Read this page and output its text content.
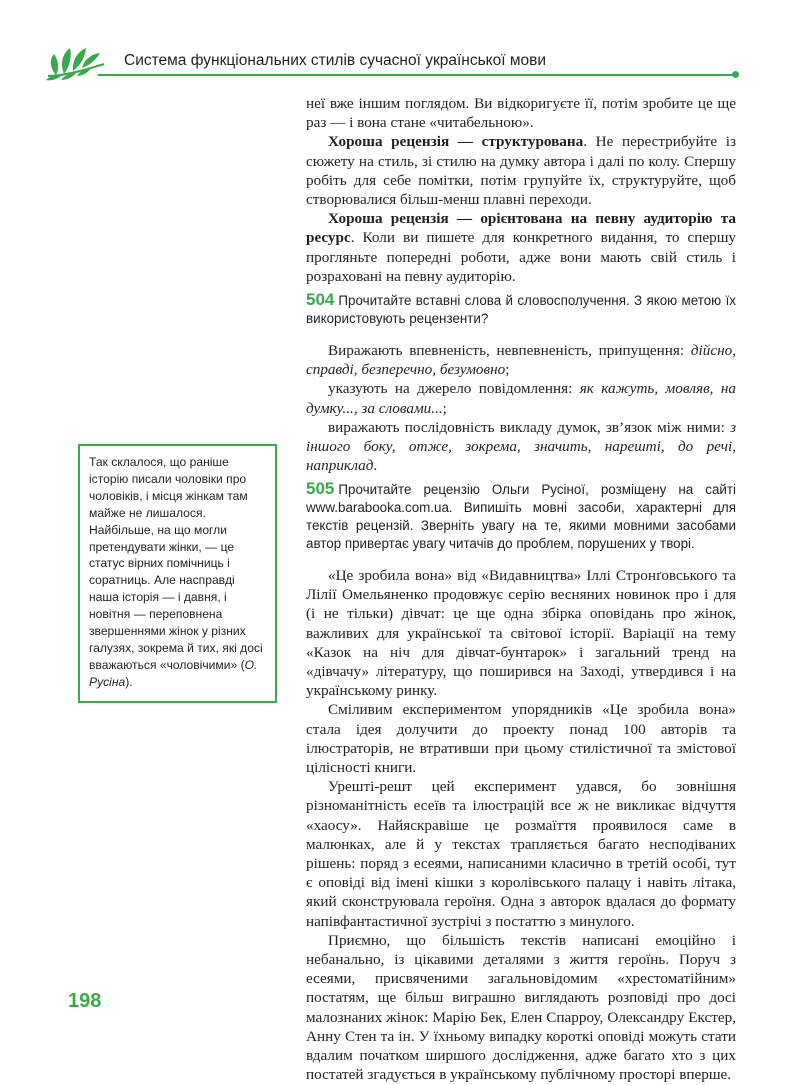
Система функціональних стилів сучасної української мови

неї вже іншим поглядом. Ви відкоригуєте її, потім зробите це ще раз — і вона стане «читабельною».

Хороша рецензія — структурована. Не перестрибуйте із сюжету на стиль, зі стилю на думку автора і далі по колу. Спершу робіть для себе помітки, потім групуйте їх, структуруйте, щоб створювалися більш-менш плавні переходи.

Хороша рецензія — орієнтована на певну аудиторію та ресурс. Коли ви пишете для конкретного видання, то спершу прогляньте попередні роботи, адже вони мають свій стиль і розраховані на певну аудиторію.

504 Прочитайте вставні слова й словосполучення. З якою метою їх використовують рецензенти?

Виражають впевненість, невпевненість, припущення: дійсно, справді, безперечно, безумовно;

указують на джерело повідомлення: як кажуть, мовляв, на думку..., за словами...;

виражають послідовність викладу думок, зв’язок між ними: з іншого боку, отже, зокрема, значить, нарешті, до речі, наприклад.

505 Прочитайте рецензію Ольги Русіної, розміщену на сайті www.barabooka.com.ua. Випишіть мовні засоби, характерні для текстів рецензій. Зверніть увагу на те, якими мовними засобами автор привертає увагу читачів до проблем, порушених у творі.

«Це зробила вона» від «Видавництва» Іллі Стронґовського та Лілії Омельяненко продовжує серію весняних новинок про і для (і не тільки) дівчат: це ще одна збірка оповідань про жінок, важливих для української та світової історії. Варіації на тему «Казок на ніч для дівчат-бунтарок» і загальний тренд на «дівчачу» літературу, що поширився на Заході, утвердився і на українському ринку.

Сміливим експериментом упорядників «Це зробила вона» стала ідея долучити до проекту понад 100 авторів та ілюстраторів, не втративши при цьому стилістичної та змістової цілісності книги.

Урешті-решт цей експеримент удався, бо зовнішня різноманітність есеїв та ілюстрацій все ж не викликає відчуття «хаосу». Найяскравіше це розмаїття проявилося саме в малюнках, але й у текстах трапляється багато несподіваних рішень: поряд з есеями, написаними класично в третій особі, тут є оповіді від імені кішки з королівського палацу і навіть літака, який сконструювала героїня. Одна з авторок вдалася до формату напівфантастичної зустрічі з постаттю з минулого.

Приємно, що більшість текстів написані емоційно і небанально, із цікавими деталями з життя героїнь. Поруч з есеями, присвяченими загальновідомим «хрестоматійним» постатям, ще більш виграшно виглядають розповіді про досі малознаних жінок: Марію Бек, Елен Спарроу, Олександру Екстер, Анну Стен та ін. У їхньому випадку короткі оповіді можуть стати вдалим початком ширшого дослідження, адже багато хто з цих постатей згадується в українському публічному просторі вперше.

Так склалося, що раніше історію писали чоловіки про чоловіків, і місця жінкам там майже не лишалося. Найбільше, на що могли претендувати жінки, — це статус вірних помічниць і соратниць. Але насправді наша історія — і давня, і новітня — переповнена звершеннями жінок у різних галузях, зокрема й тих, які досі вважаються «чоловічими» (О. Русіна).
198
